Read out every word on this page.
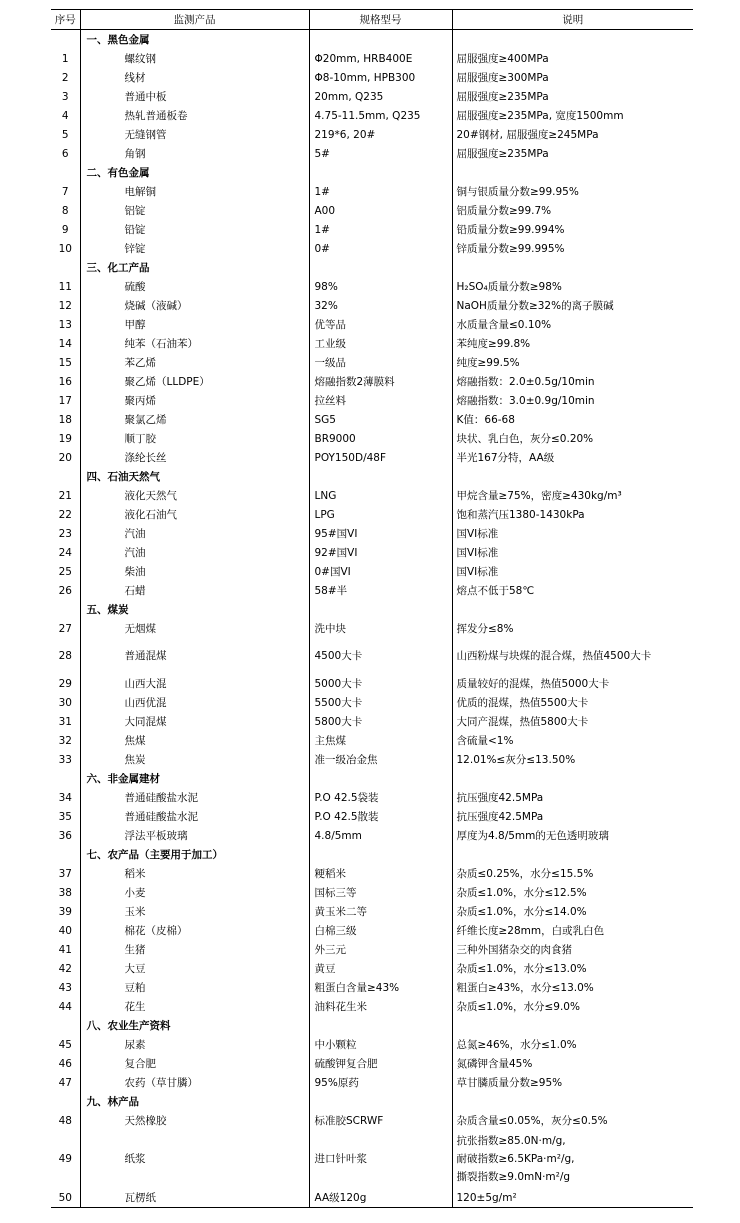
序号	监测产品	规格型号	说明
	一、黑色金属		
1	螺纹钢	Φ20mm, HRB400E	屈服强度≥400MPa
2	线材	Φ8-10mm, HPB300	屈服强度≥300MPa
3	普通中板	20mm, Q235	屈服强度≥235MPa
4	热轧普通板卷	4.75-11.5mm, Q235	屈服强度≥235MPa, 宽度1500mm
5	无缝钢管	219*6, 20#	20#钢材, 屈服强度≥245MPa
6	角钢	5#	屈服强度≥235MPa
	二、有色金属		
7	电解铜	1#	铜与银质量分数≥99.95%
8	铝锭	A00	铝质量分数≥99.7%
9	铅锭	1#	铅质量分数≥99.994%
10	锌锭	0#	锌质量分数≥99.995%
	三、化工产品		
11	硫酸	98%	H₂SO₄质量分数≥98%
12	烧碱（液碱）	32%	NaOH质量分数≥32%的离子膜碱
13	甲醇	优等品	水质量含量≤0.10%
14	纯苯（石油苯）	工业级	苯纯度≥99.8%
15	苯乙烯	一级品	纯度≥99.5%
16	聚乙烯（LLDPE）	熔融指数2薄膜料	熔融指数：2.0±0.5g/10min
17	聚丙烯	拉丝料	熔融指数：3.0±0.9g/10min
18	聚氯乙烯	SG5	K值：66-68
19	顺丁胶	BR9000	块状、乳白色，灰分≤0.20%
20	涤纶长丝	POY150D/48F	半光167分特，AA级
	四、石油天然气		
21	液化天然气	LNG	甲烷含量≥75%，密度≥430kg/m³
22	液化石油气	LPG	饱和蒸汽压1380-1430kPa
23	汽油	95#国VI	国VI标准
24	汽油	92#国VI	国VI标准
25	柴油	0#国VI	国VI标准
26	石蜡	58#半	熔点不低于58℃
	五、煤炭		
27	无烟煤	洗中块	挥发分≤8%
28	普通混煤	4500大卡	山西粉煤与块煤的混合煤，热值4500大卡
29	山西大混	5000大卡	质量较好的混煤，热值5000大卡
30	山西优混	5500大卡	优质的混煤，热值5500大卡
31	大同混煤	5800大卡	大同产混煤，热值5800大卡
32	焦煤	主焦煤	含硫量<1%
33	焦炭	准一级冶金焦	12.01%≤灰分≤13.50%
	六、非金属建材		
34	普通硅酸盐水泥	P.O 42.5袋装	抗压强度42.5MPa
35	普通硅酸盐水泥	P.O 42.5散装	抗压强度42.5MPa
36	浮法平板玻璃	4.8/5mm	厚度为4.8/5mm的无色透明玻璃
	七、农产品（主要用于加工）		
37	稻米	粳稻米	杂质≤0.25%，水分≤15.5%
38	小麦	国标三等	杂质≤1.0%，水分≤12.5%
39	玉米	黄玉米二等	杂质≤1.0%，水分≤14.0%
40	棉花（皮棉）	白棉三级	纤维长度≥28mm，白或乳白色
41	生猪	外三元	三种外国猪杂交的肉食猪
42	大豆	黄豆	杂质≤1.0%，水分≤13.0%
43	豆粕	粗蛋白含量≥43%	粗蛋白≥43%，水分≤13.0%
44	花生	油料花生米	杂质≤1.0%，水分≤9.0%
	八、农业生产资料		
45	尿素	中小颗粒	总氮≥46%，水分≤1.0%
46	复合肥	硫酸钾复合肥	氮磷钾含量45%
47	农药（草甘膦）	95%原药	草甘膦质量分数≥95%
	九、林产品		
48	天然橡胶	标准胶SCRWF	杂质含量≤0.05%，灰分≤0.5%
49	纸浆	进口针叶浆	抗张指数≥85.0N·m/g,
耐破指数≥6.5KPa·m²/g,
撕裂指数≥9.0mN·m²/g

50	瓦楞纸	AA级120g	120±5g/m²
